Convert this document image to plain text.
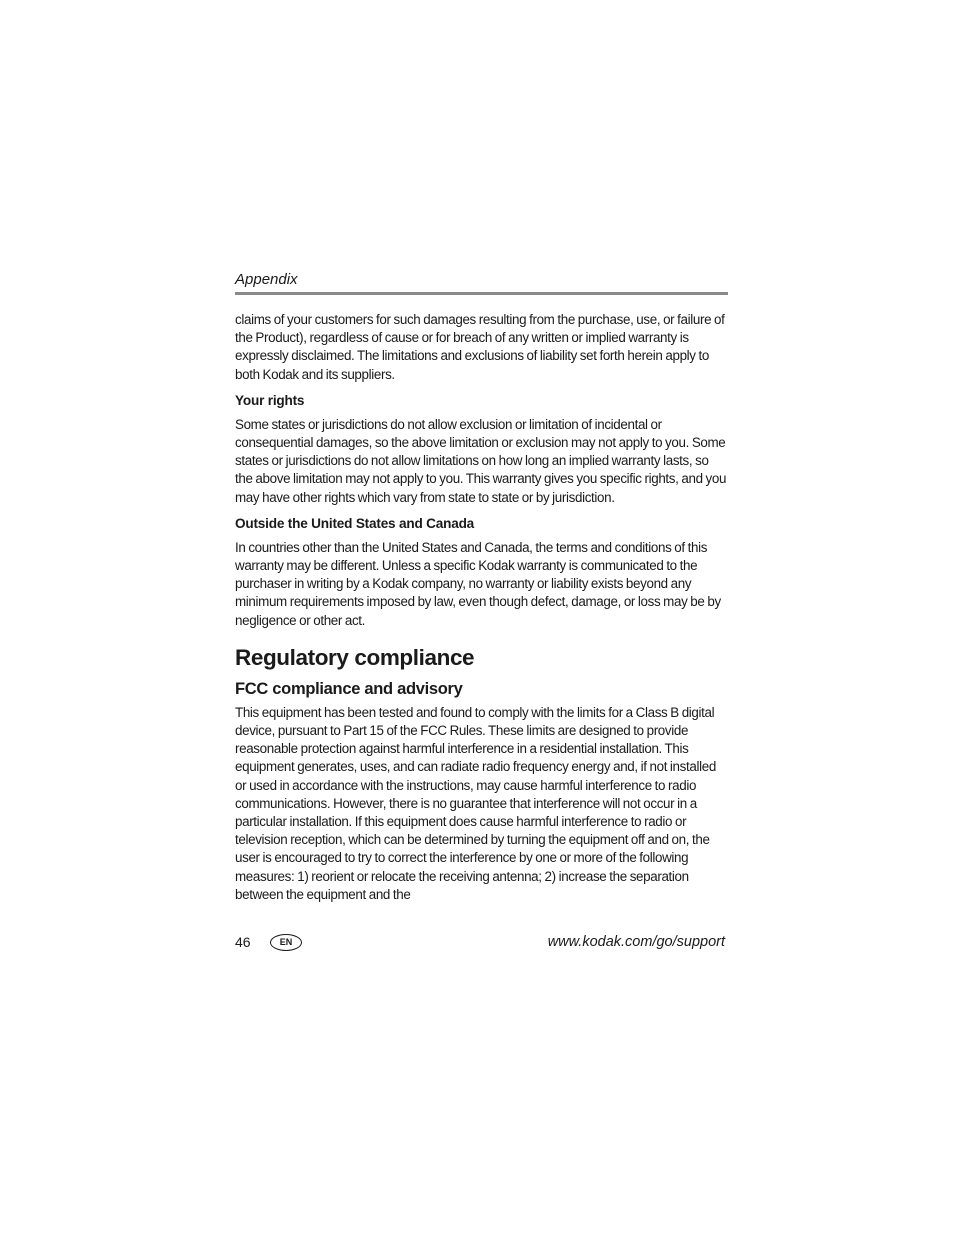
Appendix

claims of your customers for such damages resulting from the purchase, use, or failure of the Product), regardless of cause or for breach of any written or implied warranty is expressly disclaimed. The limitations and exclusions of liability set forth herein apply to both Kodak and its suppliers.

Your rights

Some states or jurisdictions do not allow exclusion or limitation of incidental or consequential damages, so the above limitation or exclusion may not apply to you. Some states or jurisdictions do not allow limitations on how long an implied warranty lasts, so the above limitation may not apply to you. This warranty gives you specific rights, and you may have other rights which vary from state to state or by jurisdiction.

Outside the United States and Canada

In countries other than the United States and Canada, the terms and conditions of this warranty may be different. Unless a specific Kodak warranty is communicated to the purchaser in writing by a Kodak company, no warranty or liability exists beyond any minimum requirements imposed by law, even though defect, damage, or loss may be by negligence or other act.

Regulatory compliance
FCC compliance and advisory

This equipment has been tested and found to comply with the limits for a Class B digital device, pursuant to Part 15 of the FCC Rules. These limits are designed to provide reasonable protection against harmful interference in a residential installation. This equipment generates, uses, and can radiate radio frequency energy and, if not installed or used in accordance with the instructions, may cause harmful interference to radio communications. However, there is no guarantee that interference will not occur in a particular installation. If this equipment does cause harmful interference to radio or television reception, which can be determined by turning the equipment off and on, the user is encouraged to try to correct the interference by one or more of the following measures: 1) reorient or relocate the receiving antenna; 2) increase the separation between the equipment and the

46	EN	www.kodak.com/go/support
